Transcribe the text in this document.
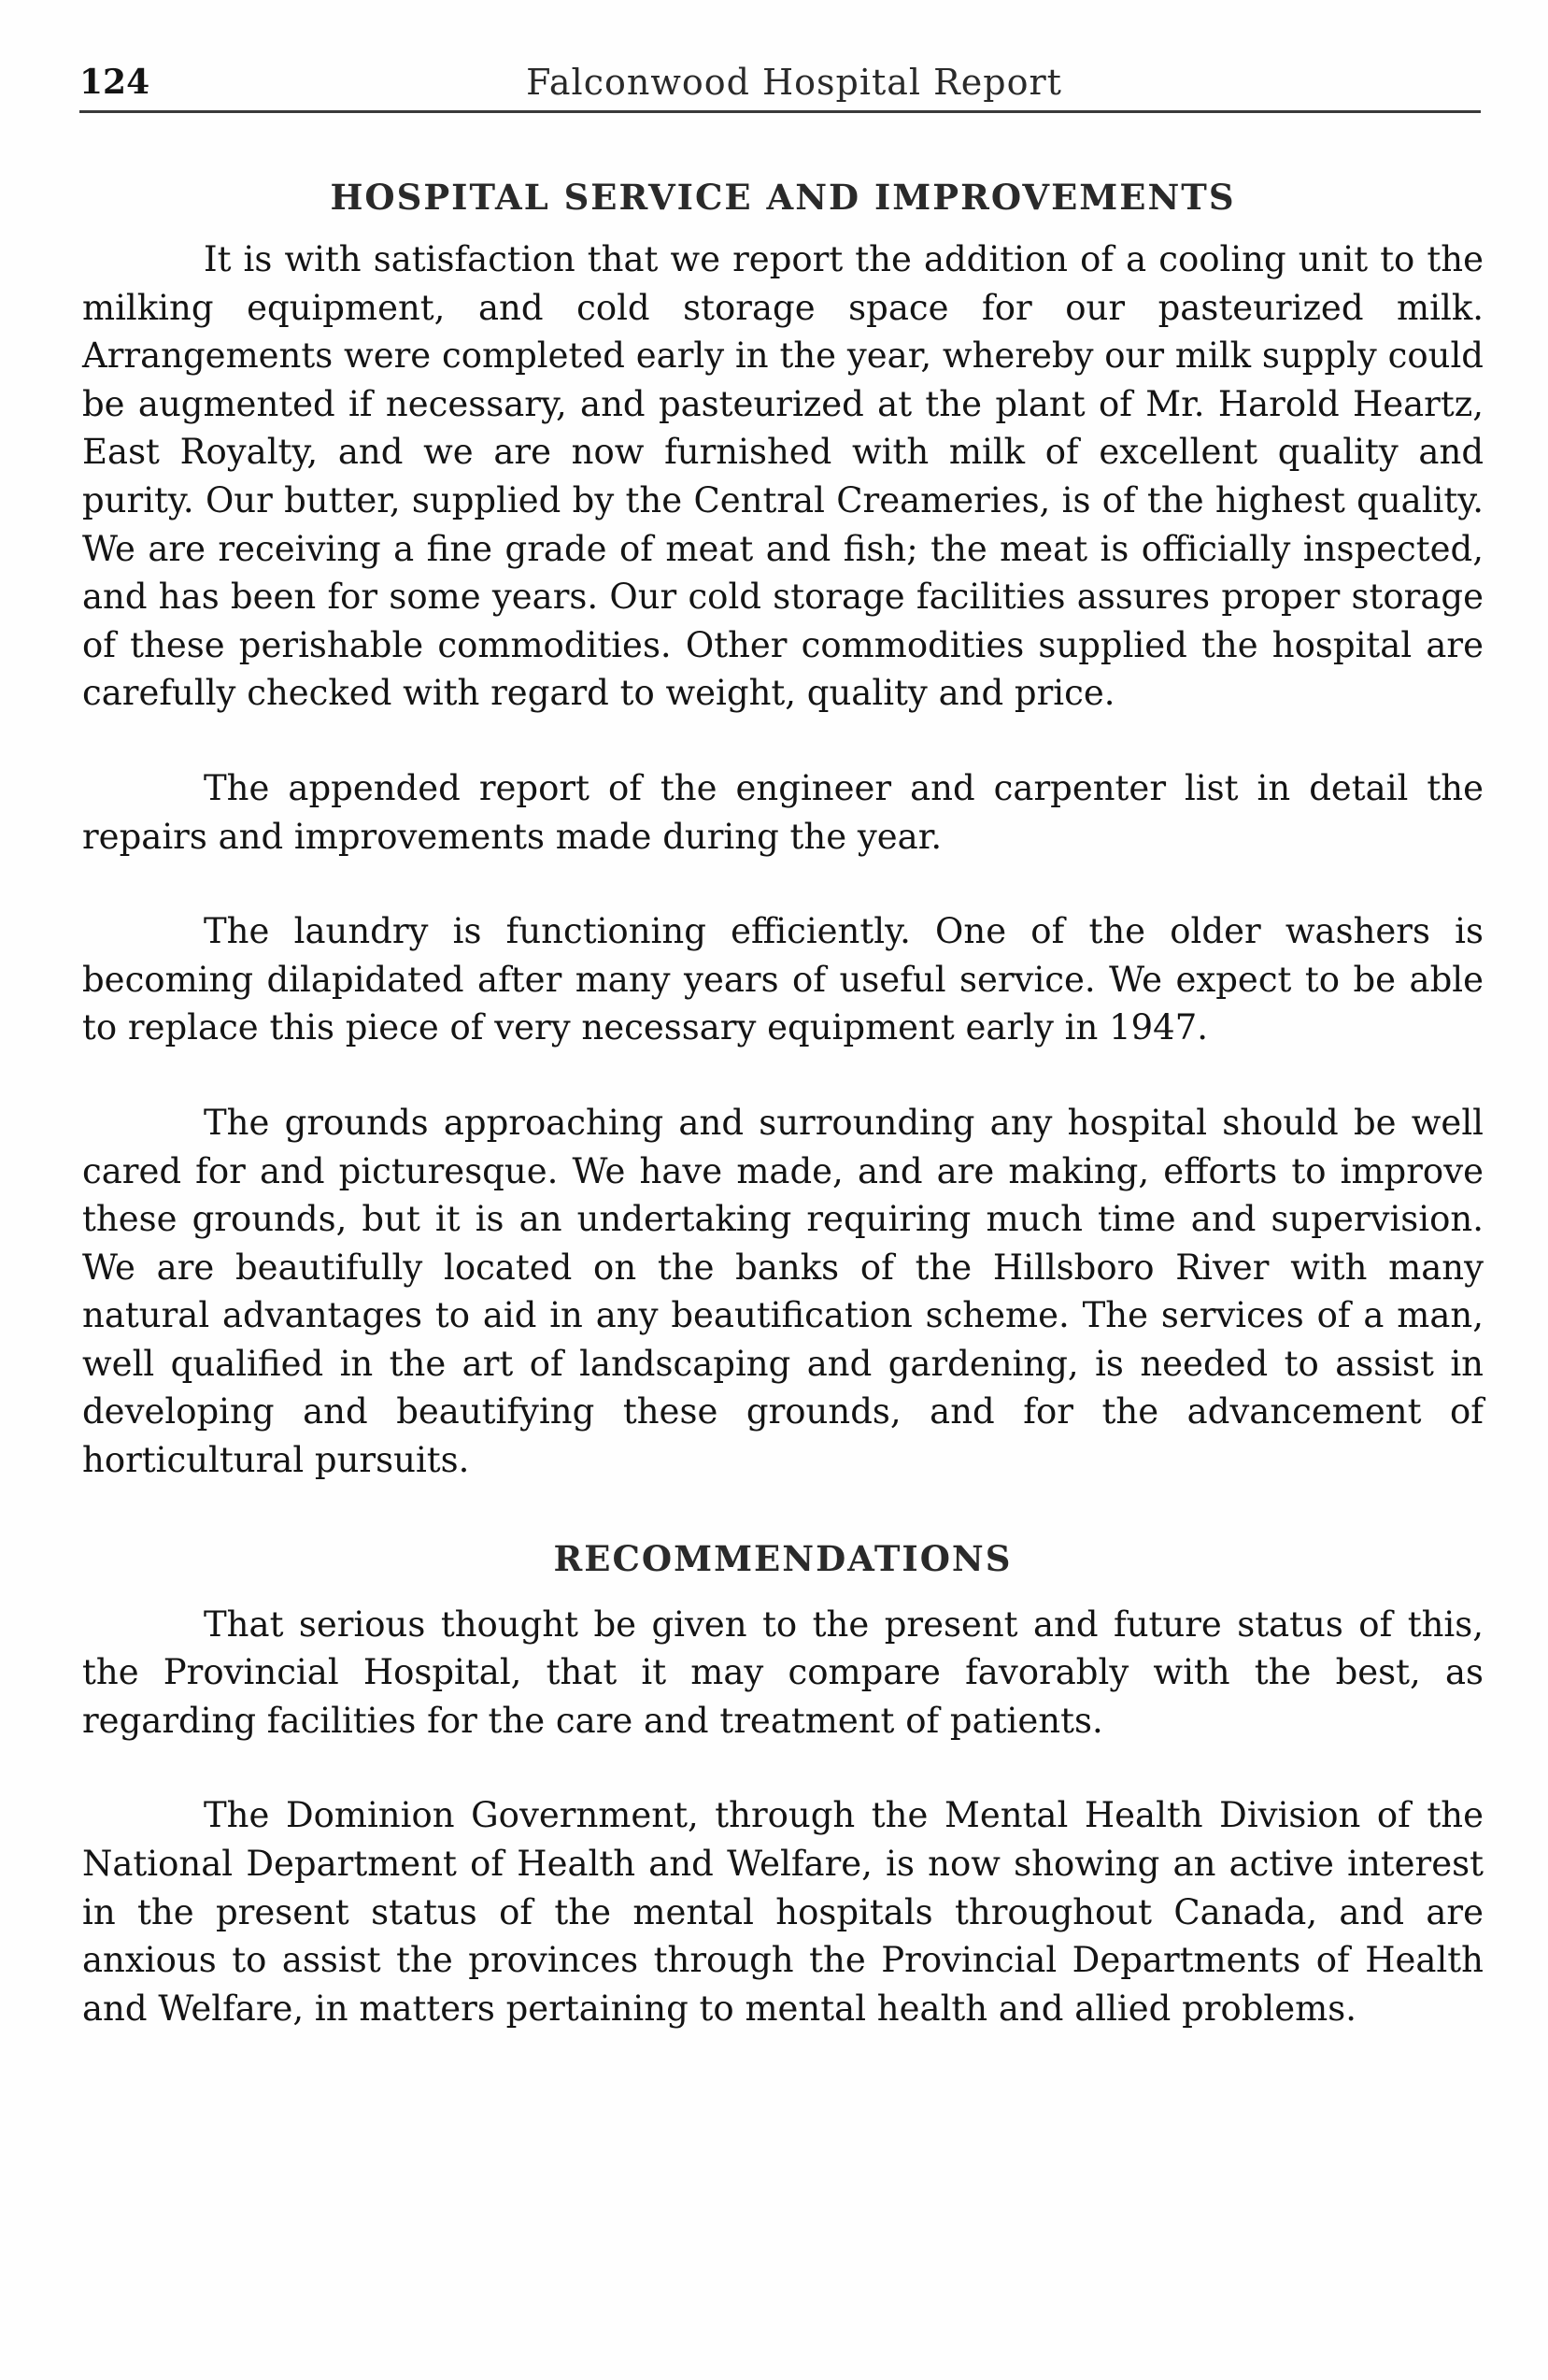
124	Falconwood Hospital Report
HOSPITAL SERVICE AND IMPROVEMENTS

It is with satisfaction that we report the addition of a cooling unit to the milking equipment, and cold storage space for our pasteurized milk. Arrangements were completed early in the year, whereby our milk supply could be augmented if necessary, and pasteurized at the plant of Mr. Harold Heartz, East Royalty, and we are now furnished with milk of excellent quality and purity. Our butter, supplied by the Central Creameries, is of the highest quality. We are receiving a fine grade of meat and fish; the meat is officially inspected, and has been for some years. Our cold storage facilities assures proper storage of these perishable commodities. Other commodities supplied the hospital are carefully checked with regard to weight, quality and price.

The appended report of the engineer and carpenter list in detail the repairs and improvements made during the year.

The laundry is functioning efficiently. One of the older washers is becoming dilapidated after many years of useful service. We expect to be able to replace this piece of very necessary equipment early in 1947.

The grounds approaching and surrounding any hospital should be well cared for and picturesque. We have made, and are making, efforts to improve these grounds, but it is an undertaking requiring much time and supervision. We are beautifully located on the banks of the Hillsboro River with many natural advantages to aid in any beautification scheme. The services of a man, well qualified in the art of landscaping and gardening, is needed to assist in developing and beautifying these grounds, and for the advancement of horticultural pursuits.

RECOMMENDATIONS

That serious thought be given to the present and future status of this, the Provincial Hospital, that it may compare favorably with the best, as regarding facilities for the care and treatment of patients.

The Dominion Government, through the Mental Health Division of the National Department of Health and Welfare, is now showing an active interest in the present status of the mental hospitals throughout Canada, and are anxious to assist the provinces through the Provincial Departments of Health and Welfare, in matters pertaining to mental health and allied problems.
